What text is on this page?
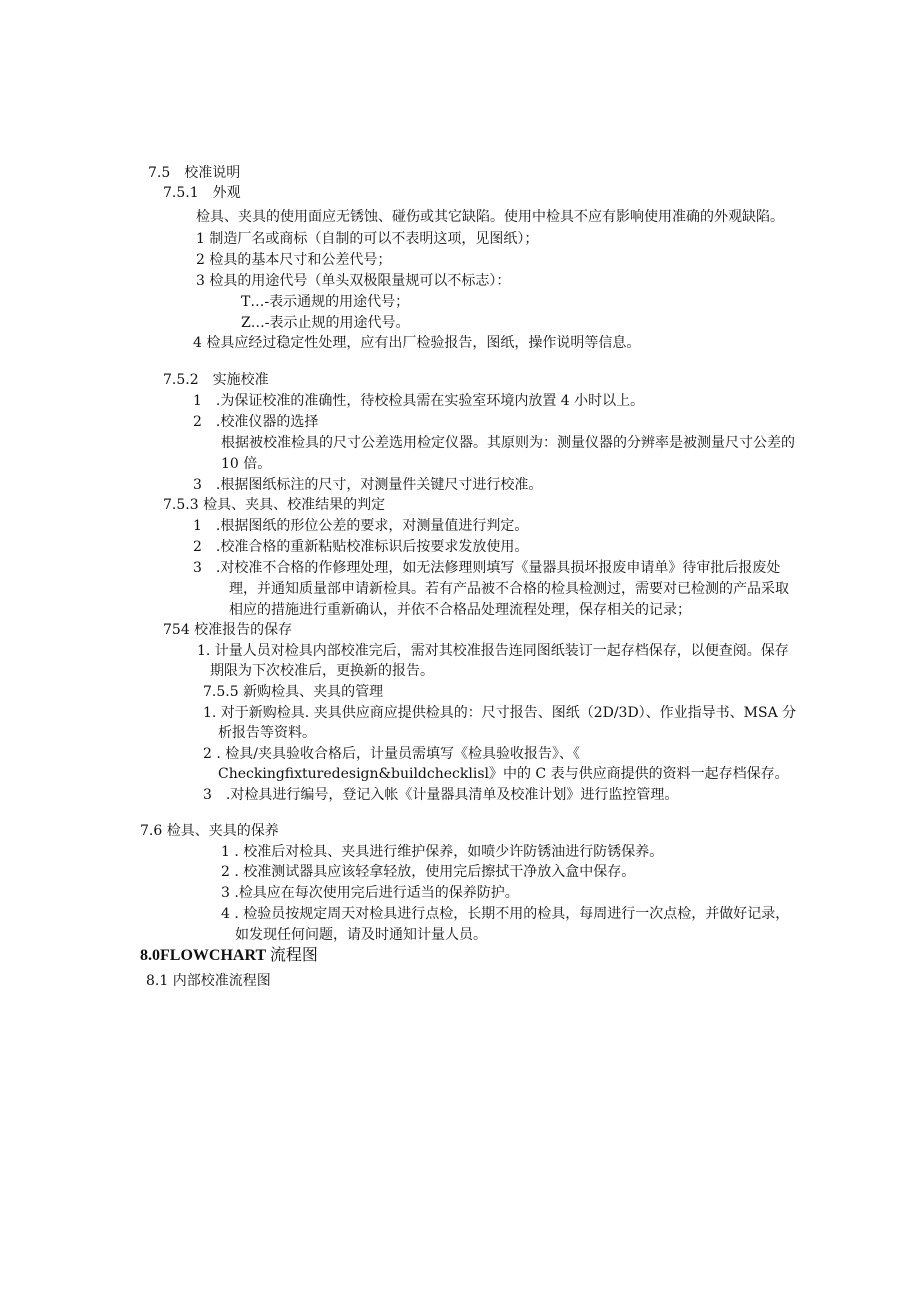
7.5　校准说明
7.5.1　外观
检具、夹具的使用面应无锈蚀、碰伤或其它缺陷。使用中检具不应有影响使用准确的外观缺陷。
1 制造厂名或商标（自制的可以不表明这项，见图纸）；
2 检具的基本尺寸和公差代号；
3 检具的用途代号（单头双极限量规可以不标志）：
T…-表示通规的用途代号；
Z…-表示止规的用途代号。
4 检具应经过稳定性处理，应有出厂检验报告，图纸，操作说明等信息。
7.5.2　实施校准
1　.为保证校准的准确性，待校检具需在实验室环境内放置 4 小时以上。
2　.校准仪器的选择
根据被校准检具的尺寸公差选用检定仪器。其原则为：测量仪器的分辨率是被测量尺寸公差的
10 倍。
3　.根据图纸标注的尺寸，对测量件关键尺寸进行校准。
7.5.3 检具、夹具、校准结果的判定
1　.根据图纸的形位公差的要求，对测量值进行判定。
2　.校准合格的重新粘贴校准标识后按要求发放使用。
3　.对校准不合格的作修理处理，如无法修理则填写《量器具损坏报废申请单》待审批后报废处
理，并通知质量部申请新检具。若有产品被不合格的检具检测过，需要对已检测的产品采取
相应的措施进行重新确认，并依不合格品处理流程处理，保存相关的记录；
754 校准报告的保存
1. 计量人员对检具内部校准完后，需对其校准报告连同图纸装订一起存档保存，以便查阅。保存
期限为下次校准后，更换新的报告。
7.5.5 新购检具、夹具的管理
1. 对于新购检具. 夹具供应商应提供检具的：尺寸报告、图纸（2D/3D）、作业指导书、MSA 分
析报告等资料。
2 . 检具/夹具验收合格后，计量员需填写《检具验收报告》、《
Checkingfixturedesign&buildchecklisl》中的 C 表与供应商提供的资料一起存档保存。
3　.对检具进行编号，登记入帐《计量器具清单及校准计划》进行监控管理。
7.6 检具、夹具的保养
1 . 校准后对检具、夹具进行维护保养，如喷少许防锈油进行防锈保养。
2 . 校准测试器具应该轻拿轻放，使用完后擦拭干净放入盒中保存。
3 .检具应在每次使用完后进行适当的保养防护。
4 . 检验员按规定周天对检具进行点检，长期不用的检具，每周进行一次点检，并做好记录，
如发现任何问题，请及时通知计量人员。
8.0FLOWCHART 流程图
8.1 内部校准流程图
